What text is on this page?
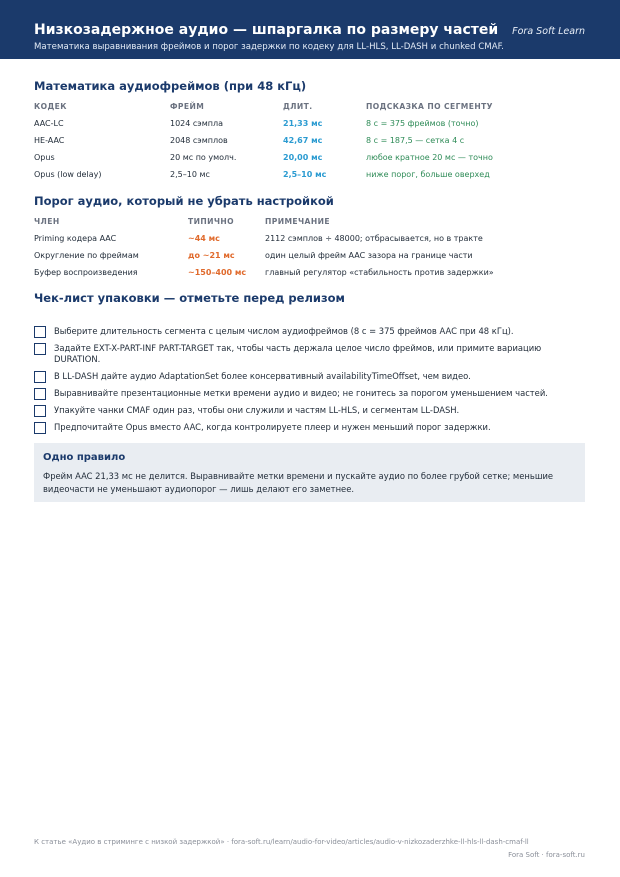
Низкозадержное аудио — шпаргалка по размеру частей Fora Soft Learn
Математика выравнивания фреймов и порог задержки по кодеку для LL-HLS, LL-DASH и chunked CMAF.
Математика аудиофреймов (при 48 кГц)
КОДЕК	ФРЕЙМ	ДЛИТ.	ПОДСКАЗКА ПО СЕГМЕНТУ
AAC-LC	1024 сэмпла	21,33 мс	8 с = 375 фреймов (точно)
HE-AAC	2048 сэмплов	42,67 мс	8 с = 187,5 — сетка 4 с
Opus	20 мс по умолч.	20,00 мс	любое кратное 20 мс — точно
Opus (low delay)	2,5–10 мс	2,5–10 мс	ниже порог, больше оверхед
Порог аудио, который не убрать настройкой
ЧЛЕН	ТИПИЧНО	ПРИМЕЧАНИЕ
Priming кодера AAC	~44 мс	2112 сэмплов ÷ 48000; отбрасывается, но в тракте
Округление по фреймам	до ~21 мс	один целый фрейм AAC зазора на границе части
Буфер воспроизведения	~150–400 мс главный регулятор «стабильность против задержки»
Чек-лист упаковки — отметьте перед релизом
Выберите длительность сегмента с целым числом аудиофреймов (8 с = 375 фреймов AAC при 48 кГц).
Задайте EXT-X-PART-INF PART-TARGET так, чтобы часть держала целое число фреймов, или примите вариацию DURATION.
В LL-DASH дайте аудио AdaptationSet более консервативный availabilityTimeOffset, чем видео.
Выравнивайте презентационные метки времени аудио и видео; не гонитесь за порогом уменьшением частей.
Упакуйте чанки CMAF один раз, чтобы они служили и частям LL-HLS, и сегментам LL-DASH.
Предпочитайте Opus вместо AAC, когда контролируете плеер и нужен меньший порог задержки.
Одно правило
Фрейм AAC 21,33 мс не делится. Выравнивайте метки времени и пускайте аудио по более грубой сетке; меньшие видеочасти не уменьшают аудиопорог — лишь делают его заметнее.
К статье «Аудио в стриминге с низкой задержкой» · fora-soft.ru/learn/audio-for-video/articles/audio-v-nizkozaderzhke-ll-hls-ll-dash-cmaf-ll
Fora Soft · fora-soft.ru
